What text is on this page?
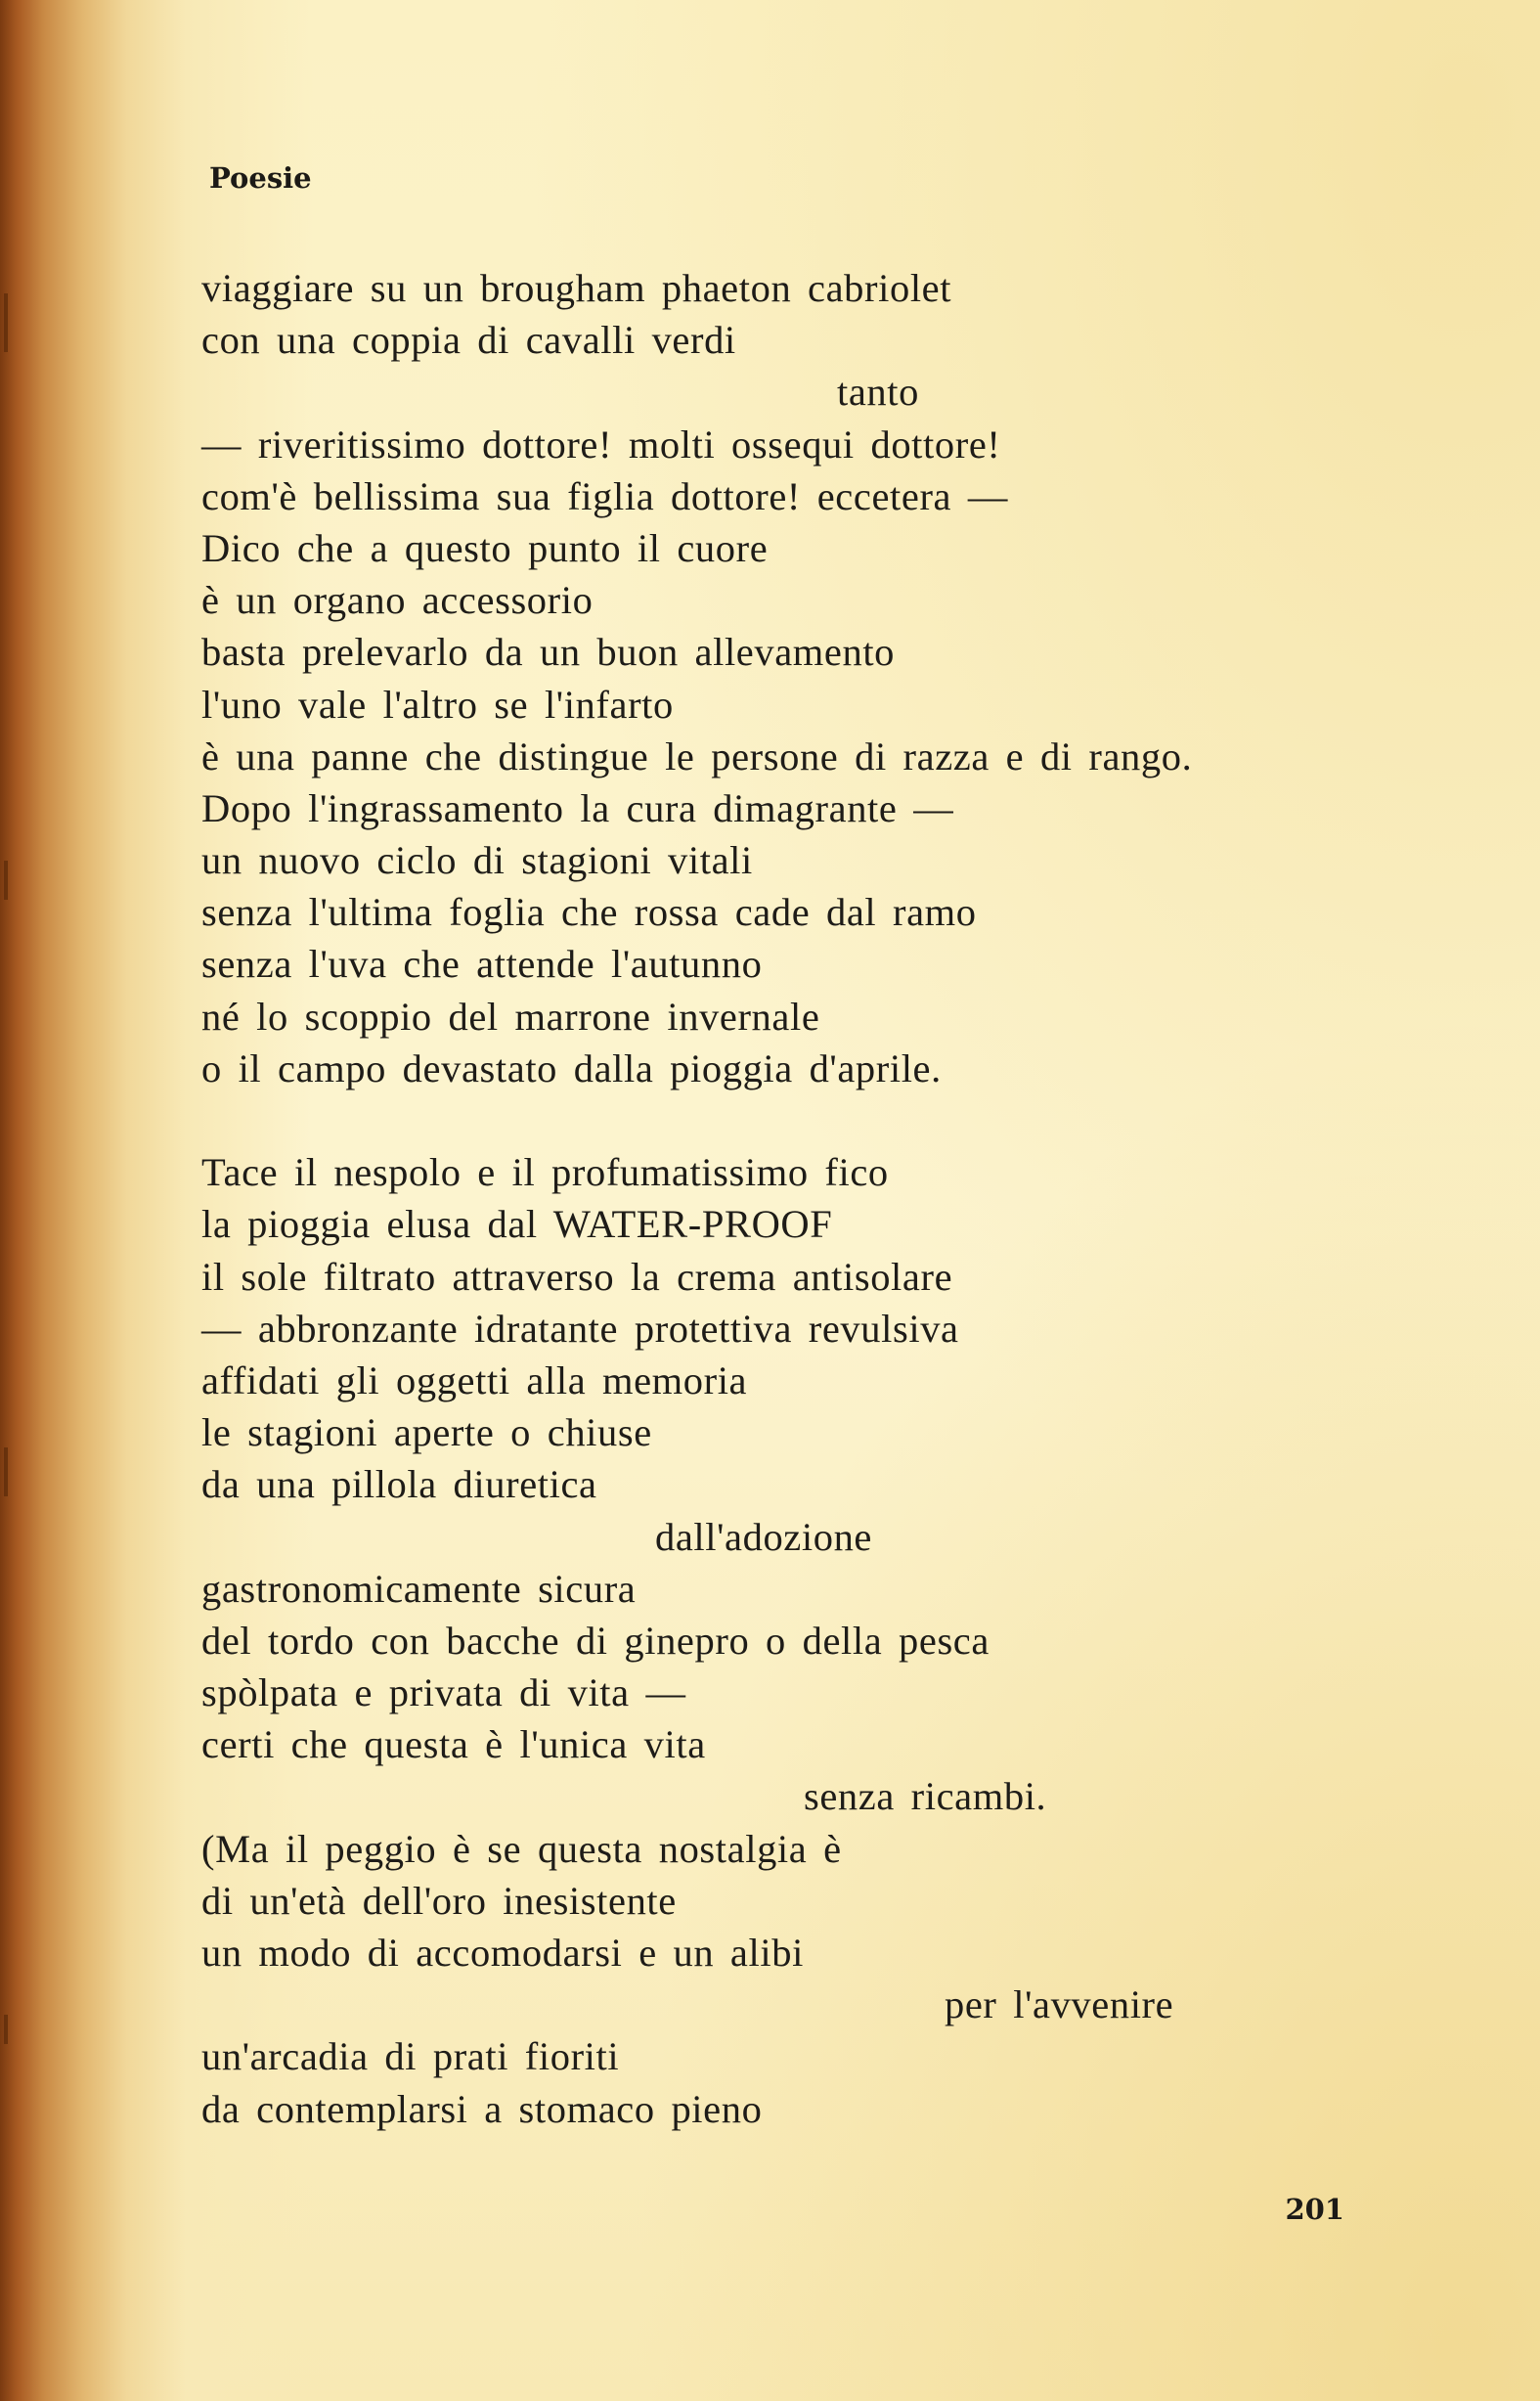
Poesie

viaggiare su un brougham phaeton cabriolet
con una coppia di cavalli verdi
tanto
— riveritissimo dottore! molti ossequi dottore!
com'è bellissima sua figlia dottore! eccetera —
Dico che a questo punto il cuore
è un organo accessorio
basta prelevarlo da un buon allevamento
l'uno vale l'altro se l'infarto
è una panne che distingue le persone di razza e di rango.
Dopo l'ingrassamento la cura dimagrante —
un nuovo ciclo di stagioni vitali
senza l'ultima foglia che rossa cade dal ramo
senza l'uva che attende l'autunno
né lo scoppio del marrone invernale
o il campo devastato dalla pioggia d'aprile.
Tace il nespolo e il profumatissimo fico
la pioggia elusa dal WATER-PROOF
il sole filtrato attraverso la crema antisolare
— abbronzante idratante protettiva revulsiva
affidati gli oggetti alla memoria
le stagioni aperte o chiuse
da una pillola diuretica
dall'adozione
gastronomicamente sicura
del tordo con bacche di ginepro o della pesca
spòlpata e privata di vita —
certi che questa è l'unica vita
senza ricambi.
(Ma il peggio è se questa nostalgia è
di un'età dell'oro inesistente
un modo di accomodarsi e un alibi
per l'avvenire
un'arcadia di prati fioriti
da contemplarsi a stomaco pieno

201
